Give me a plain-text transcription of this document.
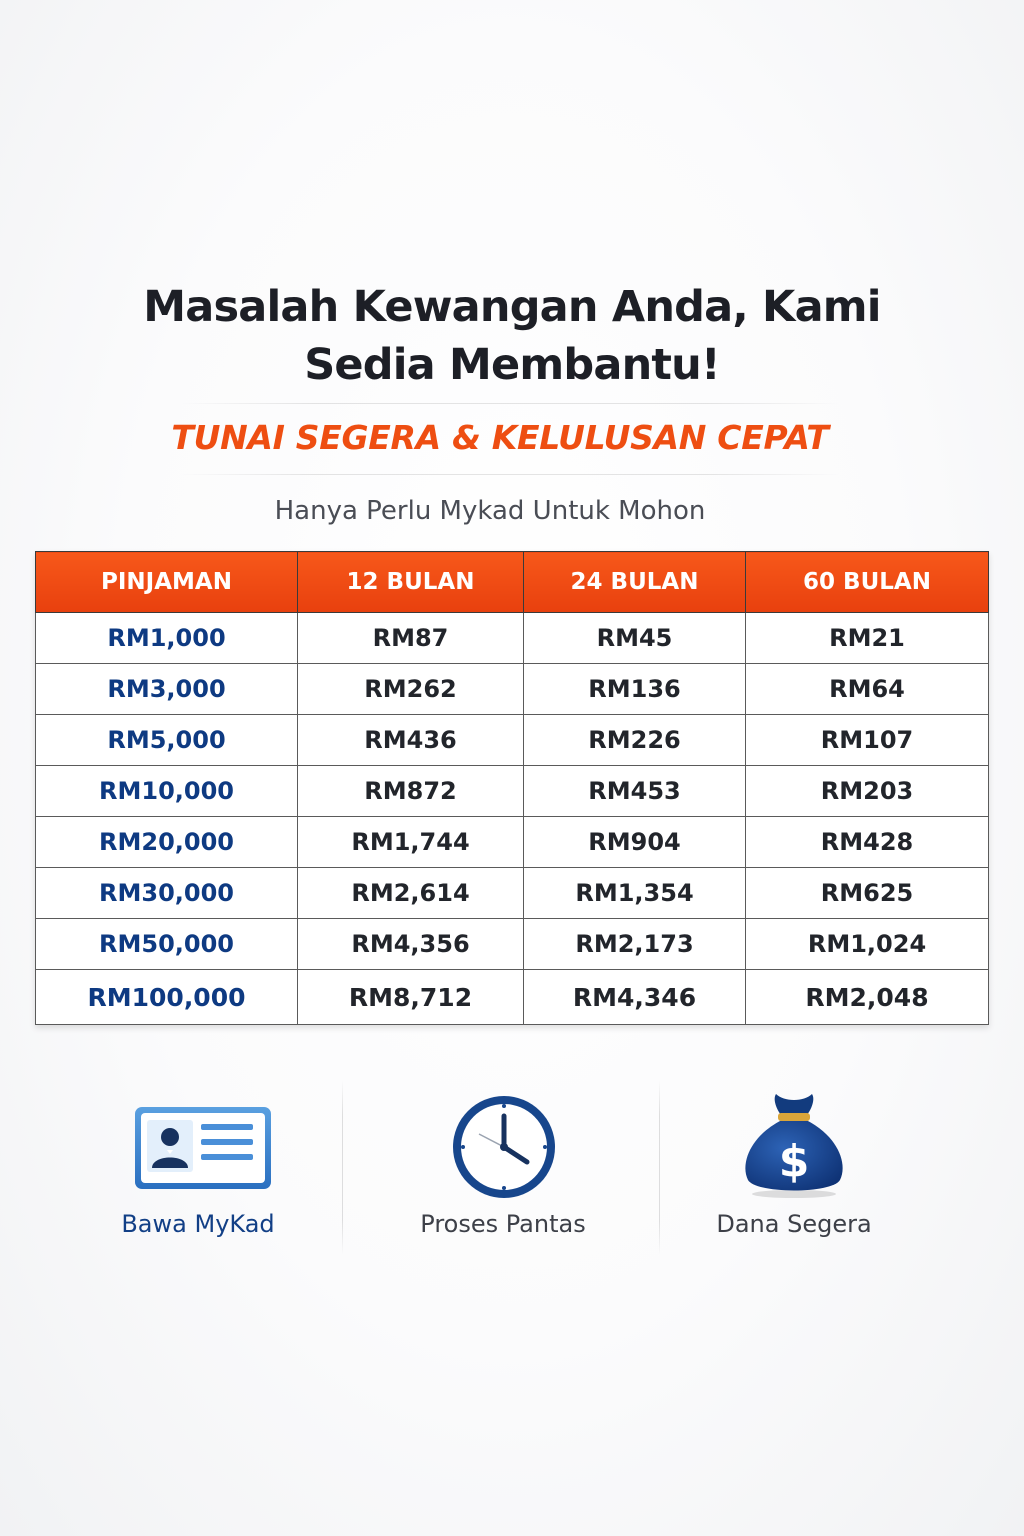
Masalah Kewangan Anda, Kami
Sedia Membantu!
TUNAI SEGERA & KELULUSAN CEPAT
Hanya Perlu Mykad Untuk Mohon
PINJAMAN	12 BULAN	24 BULAN	60 BULAN
RM1,000	RM87	RM45	RM21
RM3,000	RM262	RM136	RM64
RM5,000	RM436	RM226	RM107
RM10,000	RM872	RM453	RM203
RM20,000	RM1,744	RM904	RM428
RM30,000	RM2,614	RM1,354	RM625
RM50,000	RM4,356	RM2,173	RM1,024
RM100,000	RM8,712	RM4,346	RM2,048
Bawa MyKad	Proses Pantas
$
Dana Segera
